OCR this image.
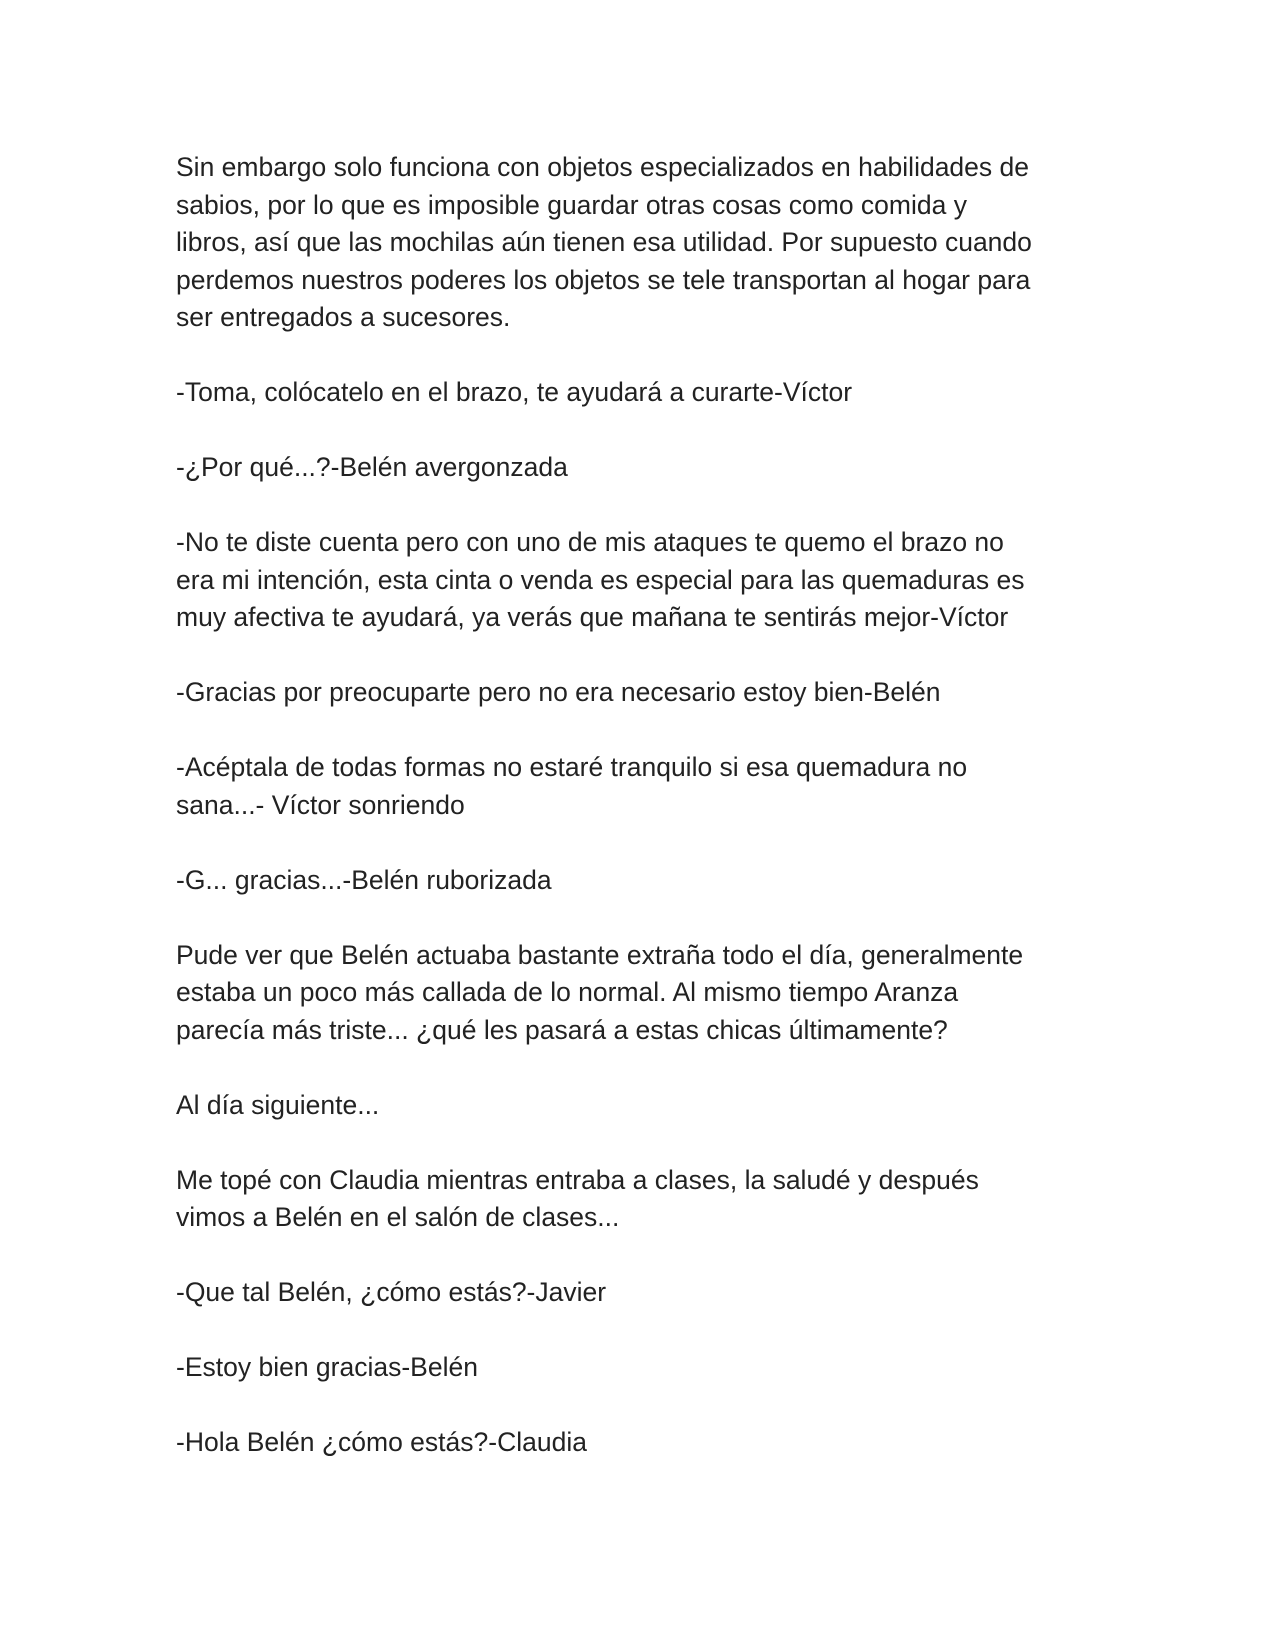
Sin embargo solo funciona con objetos especializados en habilidades de
sabios, por lo que es imposible guardar otras cosas como comida y
libros, así que las mochilas aún tienen esa utilidad. Por supuesto cuando
perdemos nuestros poderes los objetos se tele transportan al hogar para
ser entregados a sucesores.

-Toma, colócatelo en el brazo, te ayudará a curarte-Víctor

-¿Por qué...?-Belén avergonzada

-No te diste cuenta pero con uno de mis ataques te quemo el brazo no
era mi intención, esta cinta o venda es especial para las quemaduras es
muy afectiva te ayudará, ya verás que mañana te sentirás mejor-Víctor

-Gracias por preocuparte pero no era necesario estoy bien-Belén

-Acéptala de todas formas no estaré tranquilo si esa quemadura no
sana...- Víctor sonriendo

-G... gracias...-Belén ruborizada

Pude ver que Belén actuaba bastante extraña todo el día, generalmente
estaba un poco más callada de lo normal. Al mismo tiempo Aranza
parecía más triste... ¿qué les pasará a estas chicas últimamente?

Al día siguiente...

Me topé con Claudia mientras entraba a clases, la saludé y después
vimos a Belén en el salón de clases...

-Que tal Belén, ¿cómo estás?-Javier

-Estoy bien gracias-Belén

-Hola Belén ¿cómo estás?-Claudia
